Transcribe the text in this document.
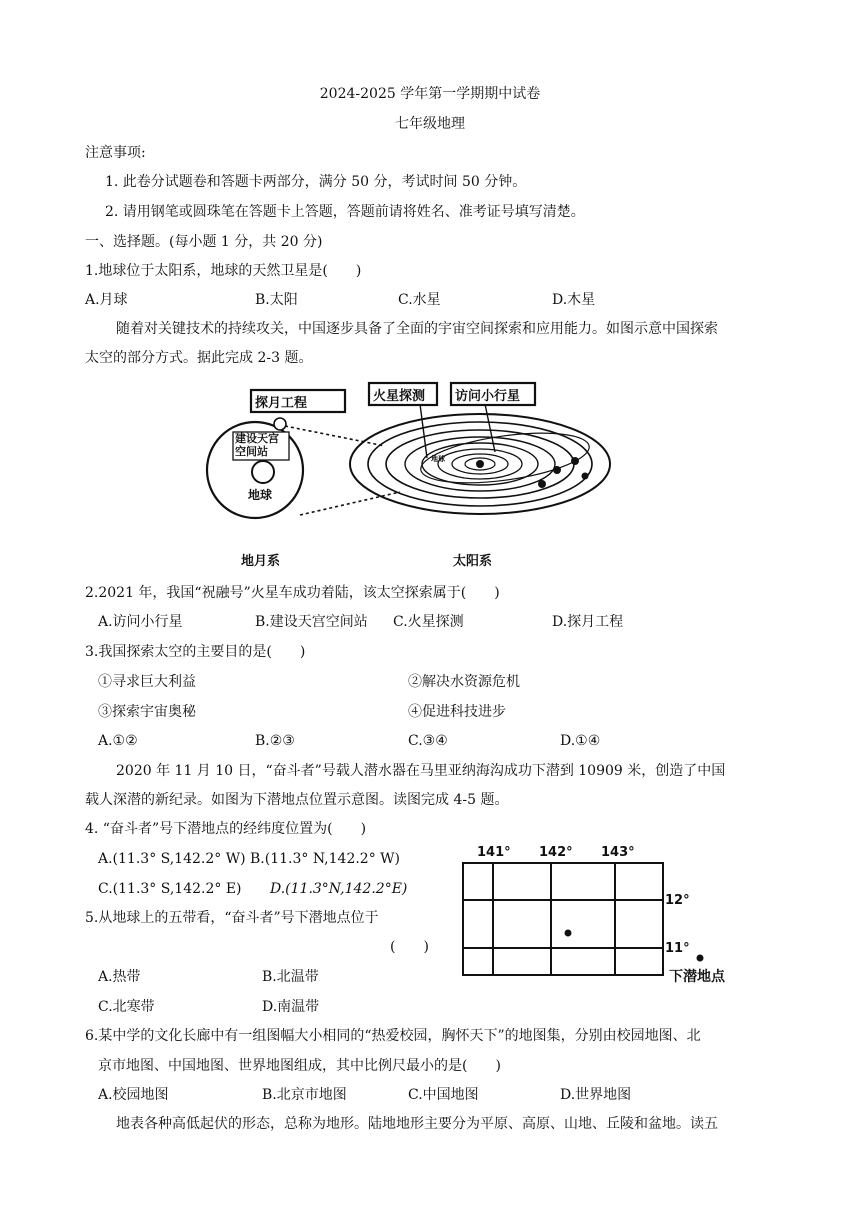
2024-2025 学年第一学期期中试卷
七年级地理
注意事项:
1. 此卷分试题卷和答题卡两部分，满分 50 分，考试时间 50 分钟。
2. 请用钢笔或圆珠笔在答题卡上答题，答题前请将姓名、准考证号填写清楚。
一、选择题。(每小题 1 分，共 20 分)
1.地球位于太阳系，地球的天然卫星是(　　)
A.月球	B.太阳	C.水星	D.木星
随着对关键技术的持续攻关，中国逐步具备了全面的宇宙空间探索和应用能力。如图示意中国探索
太空的部分方式。据此完成 2-3 题。
探月工程	火星探测 访问小行星
建设天宫
空间站
地球
地球
地月系	太阳系
2.2021 年，我国“祝融号”火星车成功着陆，该太空探索属于(　　)
A.访问小行星	B.建设天宫空间站 C.火星探测	D.探月工程
3.我国探索太空的主要目的是(　　)
①寻求巨大利益	②解决水资源危机
③探索宇宙奥秘	④促进科技进步
A.①②	B.②③	C.③④	D.①④
2020 年 11 月 10 日，“奋斗者”号载人潜水器在马里亚纳海沟成功下潜到 10909 米，创造了中国
载人深潜的新纪录。如图为下潜地点位置示意图。读图完成 4-5 题。
4. “奋斗者”号下潜地点的经纬度位置为(　　)
A.(11.3° S,142.2° W) B.(11.3° N,142.2° W)
C.(11.3° S,142.2° E) D.(11.3°N,142.2°E)
5.从地球上的五带看，“奋斗者”号下潜地点位于
(　　)
A.热带	B.北温带
C.北寒带	D.南温带
141° 142° 143°
12°
11°
下潜地点
6.某中学的文化长廊中有一组图幅大小相同的“热爱校园，胸怀天下”的地图集，分别由校园地图、北
京市地图、中国地图、世界地图组成，其中比例尺最小的是(　　)
A.校园地图	B.北京市地图	C.中国地图	D.世界地图
地表各种高低起伏的形态，总称为地形。陆地地形主要分为平原、高原、山地、丘陵和盆地。读五
